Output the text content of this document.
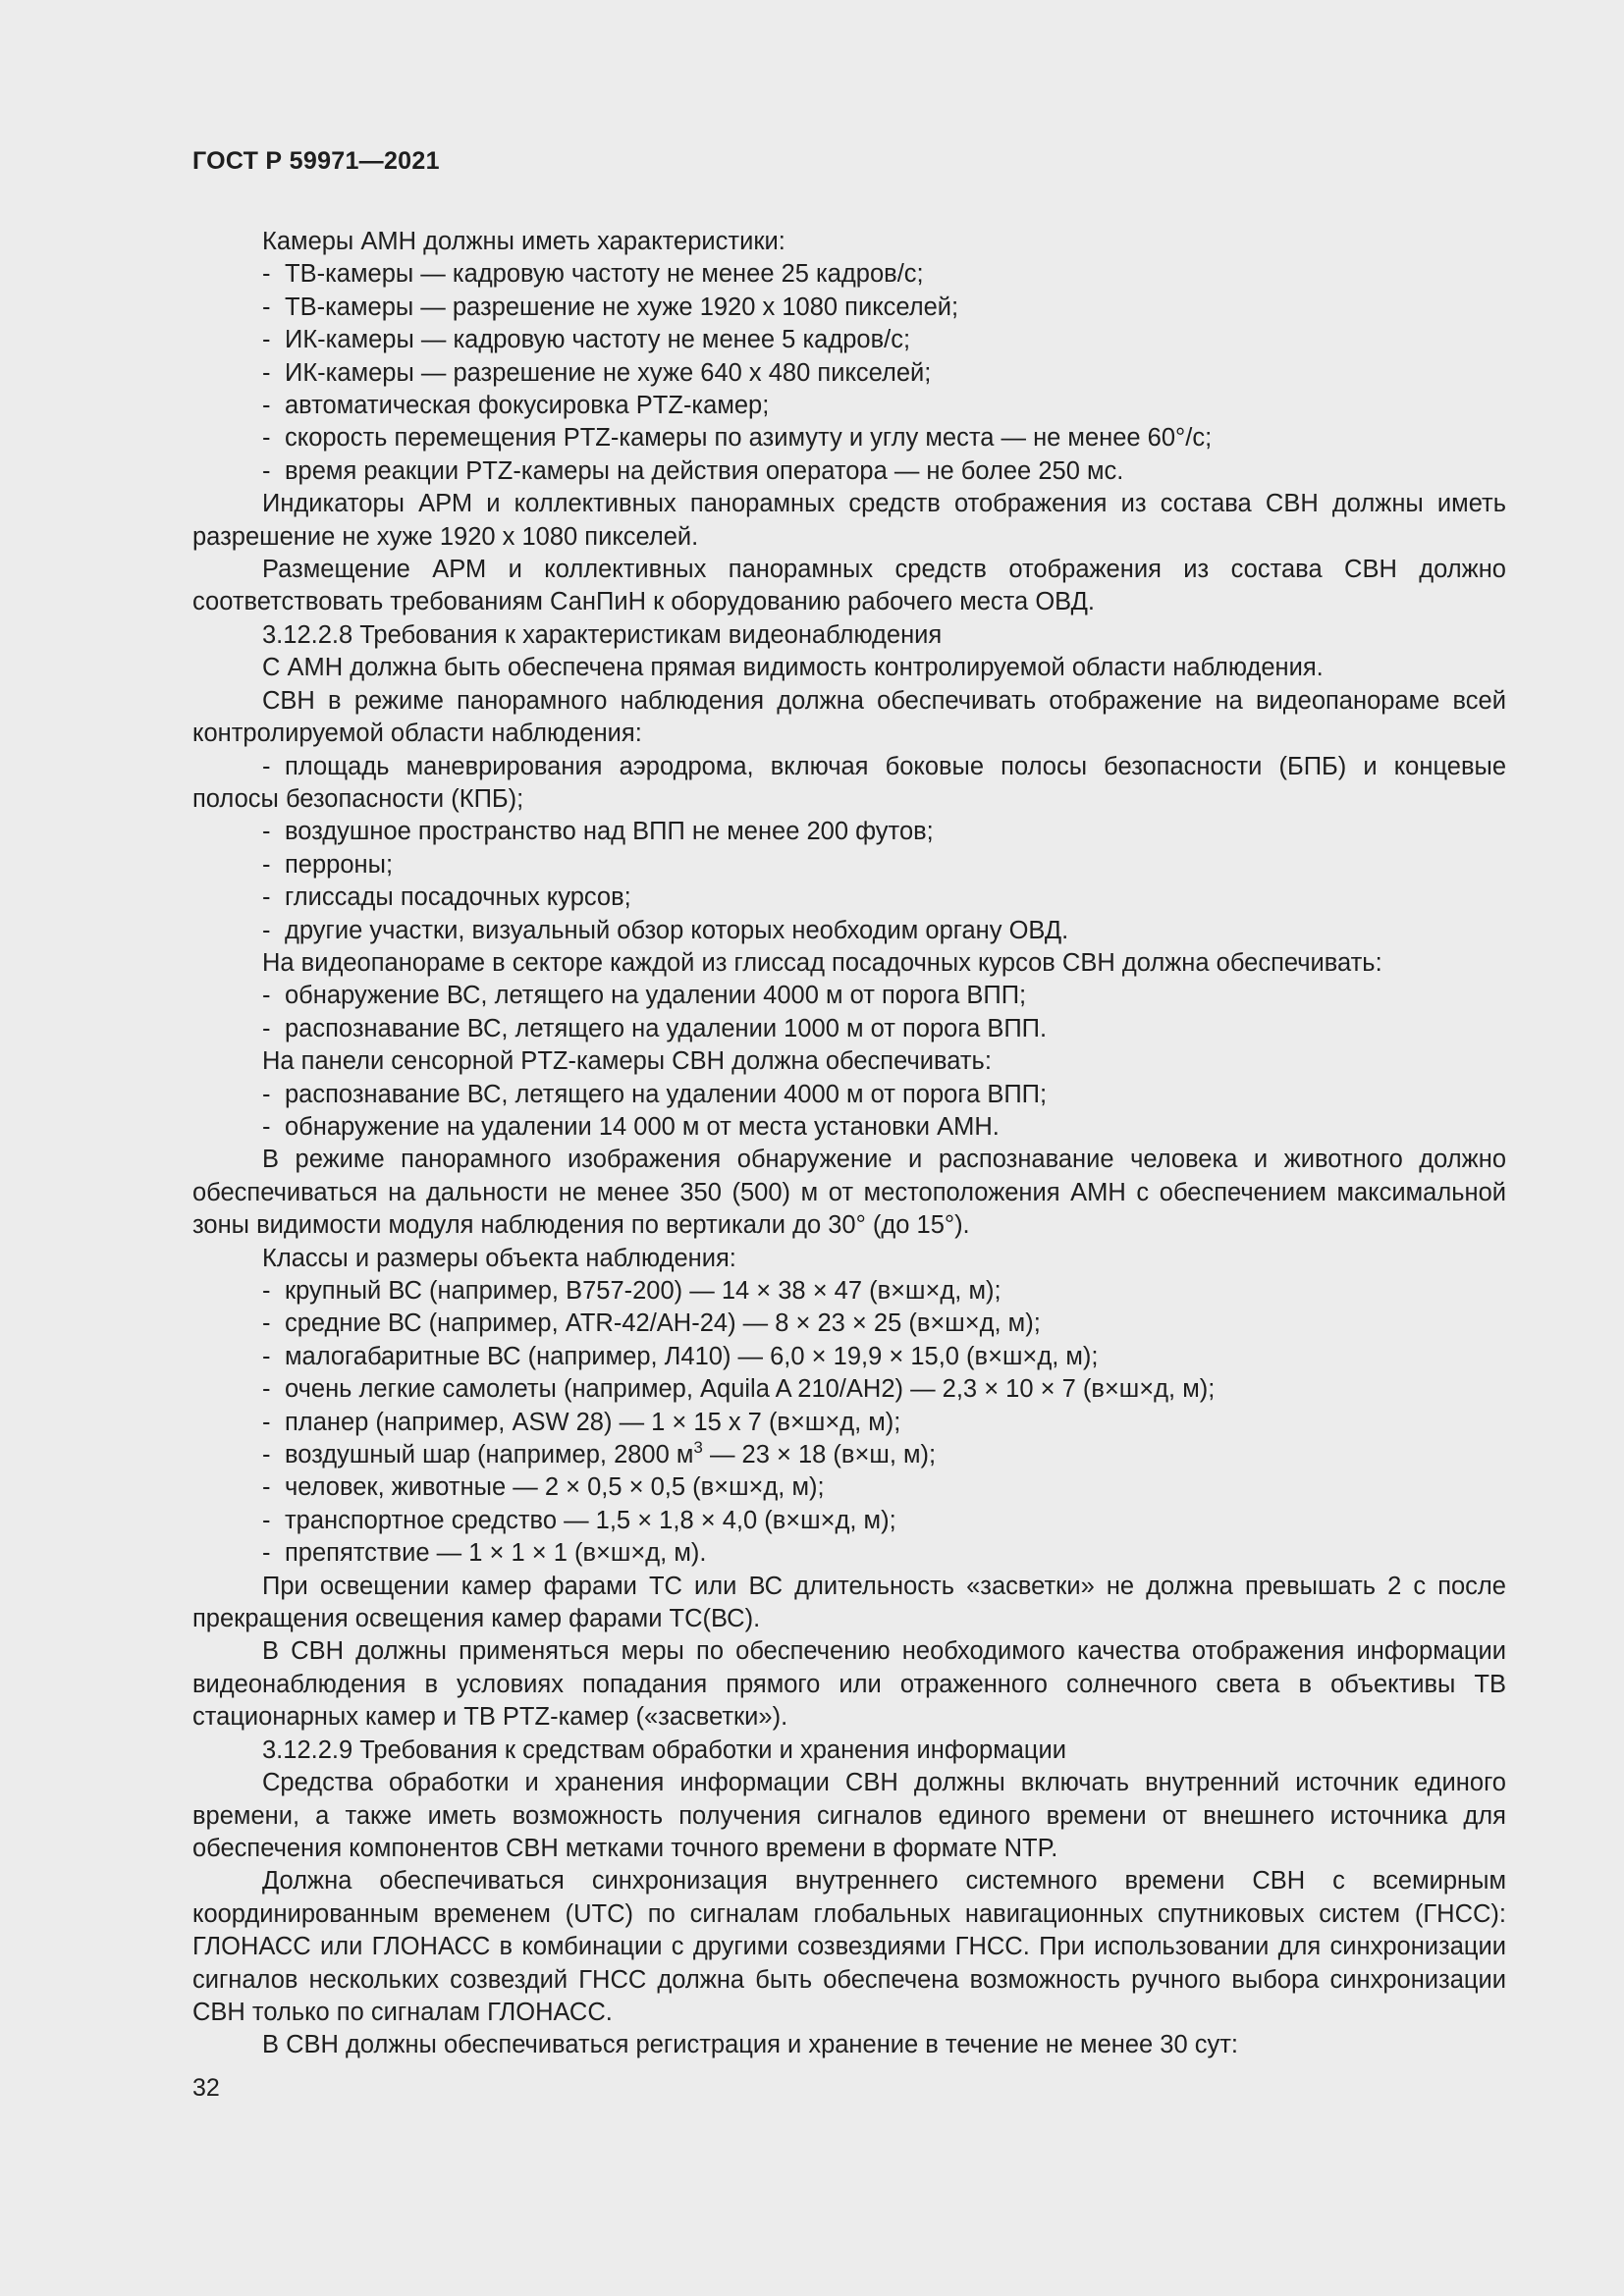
ГОСТ Р 59971—2021

Камеры АМН должны иметь характеристики:

- ТВ-камеры — кадровую частоту не менее 25 кадров/с;

- ТВ-камеры — разрешение не хуже 1920 x 1080 пикселей;

- ИК-камеры — кадровую частоту не менее 5 кадров/с;

- ИК-камеры — разрешение не хуже 640 x 480 пикселей;

- автоматическая фокусировка PTZ-камер;

- скорость перемещения PTZ-камеры по азимуту и углу места — не менее 60°/с;

- время реакции PTZ-камеры на действия оператора — не более 250 мс.

Индикаторы АРМ и коллективных панорамных средств отображения из состава СВН должны иметь разрешение не хуже 1920 x 1080 пикселей.

Размещение АРМ и коллективных панорамных средств отображения из состава СВН должно соответствовать требованиям СанПиН к оборудованию рабочего места ОВД.

3.12.2.8 Требования к характеристикам видеонаблюдения

С АМН должна быть обеспечена прямая видимость контролируемой области наблюдения.

СВН в режиме панорамного наблюдения должна обеспечивать отображение на видеопанораме всей контролируемой области наблюдения:

- площадь маневрирования аэродрома, включая боковые полосы безопасности (БПБ) и концевые полосы безопасности (КПБ);

- воздушное пространство над ВПП не менее 200 футов;

- перроны;

- глиссады посадочных курсов;

- другие участки, визуальный обзор которых необходим органу ОВД.

На видеопанораме в секторе каждой из глиссад посадочных курсов СВН должна обеспечивать:

- обнаружение ВС, летящего на удалении 4000 м от порога ВПП;

- распознавание ВС, летящего на удалении 1000 м от порога ВПП.

На панели сенсорной PTZ-камеры СВН должна обеспечивать:

- распознавание ВС, летящего на удалении 4000 м от порога ВПП;

- обнаружение на удалении 14 000 м от места установки АМН.

В режиме панорамного изображения обнаружение и распознавание человека и животного должно обеспечиваться на дальности не менее 350 (500) м от местоположения АМН с обеспечением максимальной зоны видимости модуля наблюдения по вертикали до 30° (до 15°).

Классы и размеры объекта наблюдения:

- крупный ВС (например, В757-200) — 14 × 38 × 47 (в×ш×д, м);

- средние ВС (например, ATR-42/АН-24) — 8 × 23 × 25 (в×ш×д, м);

- малогабаритные ВС (например, Л410) — 6,0 × 19,9 × 15,0 (в×ш×д, м);

- очень легкие самолеты (например, Aquila A 210/AH2) — 2,3 × 10 × 7 (в×ш×д, м);

- планер (например, ASW 28) — 1 × 15 x 7 (в×ш×д, м);

- воздушный шар (например, 2800 $м^3$ — 23 × 18 (в×ш, м);

- человек, животные — 2 × 0,5 × 0,5 (в×ш×д, м);

- транспортное средство — 1,5 × 1,8 × 4,0 (в×ш×д, м);

- препятствие — 1 × 1 × 1 (в×ш×д, м).

При освещении камер фарами ТС или ВС длительность «засветки» не должна превышать 2 с после прекращения освещения камер фарами ТС(ВС).

В СВН должны применяться меры по обеспечению необходимого качества отображения информации видеонаблюдения в условиях попадания прямого или отраженного солнечного света в объективы ТВ стационарных камер и ТВ PTZ-камер («засветки»).

3.12.2.9 Требования к средствам обработки и хранения информации

Средства обработки и хранения информации СВН должны включать внутренний источник единого времени, а также иметь возможность получения сигналов единого времени от внешнего источника для обеспечения компонентов СВН метками точного времени в формате NTP.

Должна обеспечиваться синхронизация внутреннего системного времени СВН с всемирным координированным временем (UTC) по сигналам глобальных навигационных спутниковых систем (ГНСС): ГЛОНАСС или ГЛОНАСС в комбинации с другими созвездиями ГНСС. При использовании для синхронизации сигналов нескольких созвездий ГНСС должна быть обеспечена возможность ручного выбора синхронизации СВН только по сигналам ГЛОНАСС.

В СВН должны обеспечиваться регистрация и хранение в течение не менее 30 сут:

32
